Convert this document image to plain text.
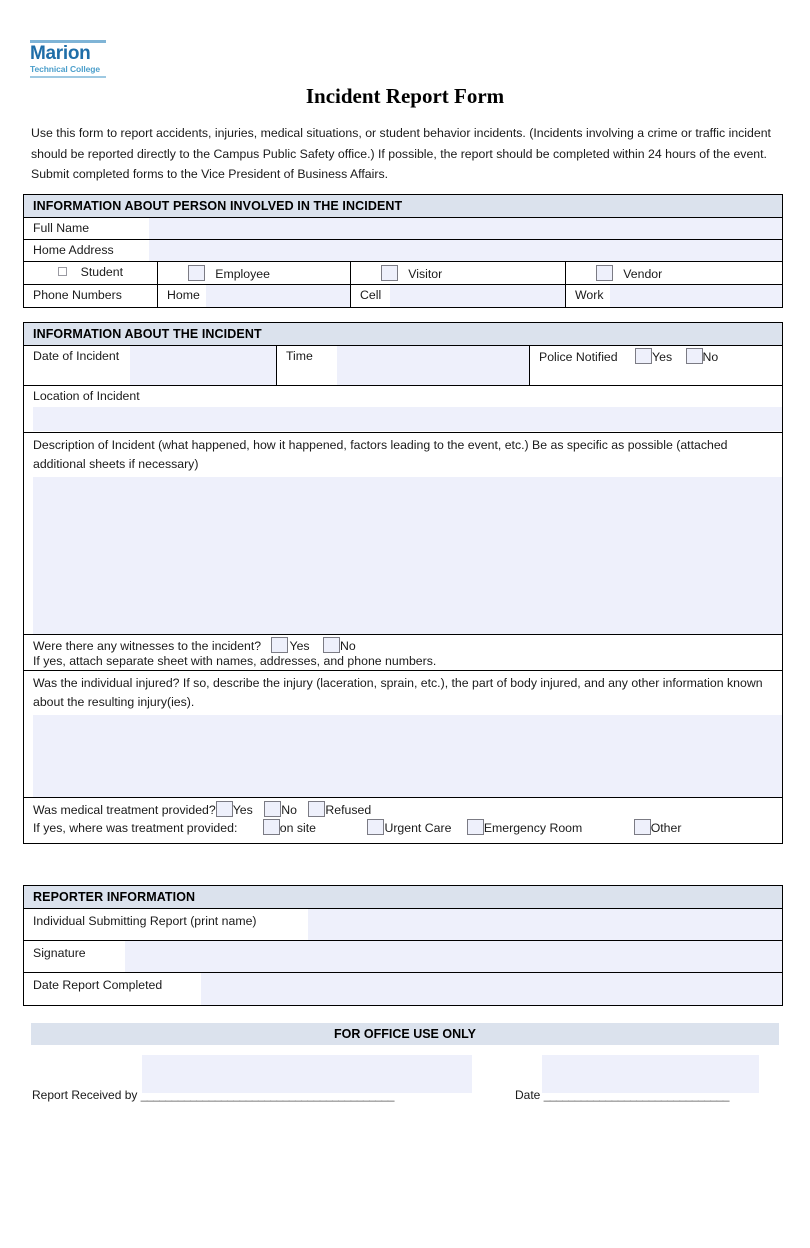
Marion
Technical College
Incident Report Form
Use this form to report accidents, injuries, medical situations, or student behavior incidents. (Incidents involving a crime or traffic incident should be reported directly to the Campus Public Safety office.) If possible, the report should be completed within 24 hours of the event. Submit completed forms to the Vice President of Business Affairs.
INFORMATION ABOUT PERSON INVOLVED IN THE INCIDENT
Full Name
Home Address
Student	Employee	Visitor	Vendor
Phone Numbers	Home	Cell	Work
INFORMATION ABOUT THE INCIDENT
Date of Incident	Time	Police Notified	Yes No
Location of Incident
Description of Incident (what happened, how it happened, factors leading to the event, etc.) Be as specific as possible (attached additional sheets if necessary)
Were there any witnesses to the incident? Yes No
If yes, attach separate sheet with names, addresses, and phone numbers.
Was the individual injured? If so, describe the injury (laceration, sprain, etc.), the part of body injured, and any other information known about the resulting injury(ies).
Was medical treatment provided? Yes No Refused
If yes, where was treatment provided:	on site	Urgent Care	Emergency Room	Other
REPORTER INFORMATION
Individual Submitting Report (print name)
Signature
Date Report Completed
FOR OFFICE USE ONLY
Report Received by _________________________________________	Date ______________________________
